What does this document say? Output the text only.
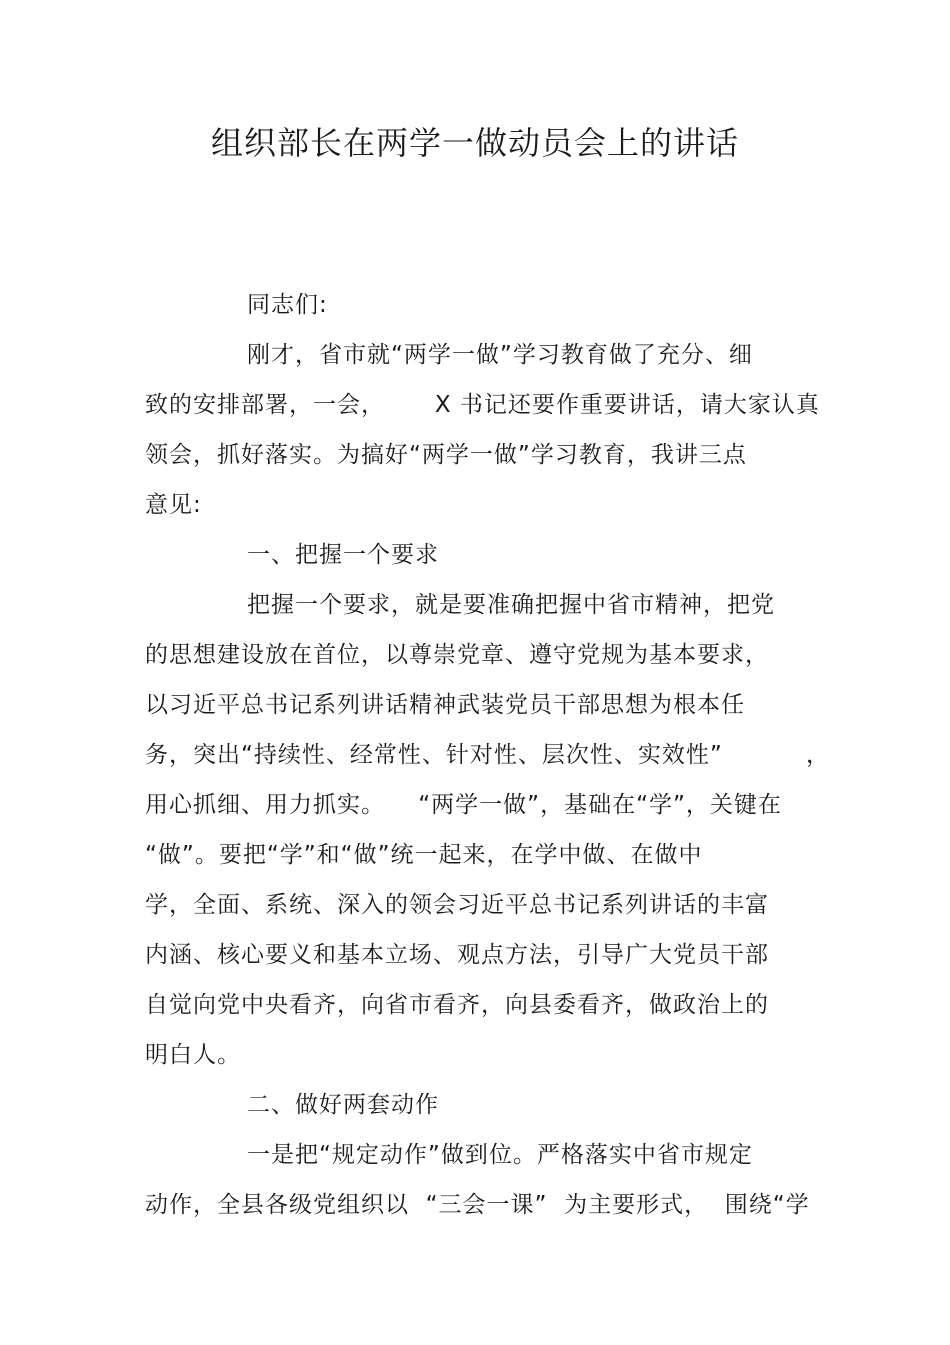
组织部长在两学一做动员会上的讲话
同志们:
刚才，省市就“两学一做”学习教育做了充分、细
致的安排部署，一会，      X 书记还要作重要讲话，请大家认真
领会，抓好落实。为搞好“两学一做”学习教育，我讲三点
意见:
一、把握一个要求
把握一个要求，就是要准确把握中省市精神，把党
的思想建设放在首位，以尊崇党章、遵守党规为基本要求，
以习近平总书记系列讲话精神武装党员干部思想为根本任
务，突出“持续性、经常性、针对性、层次性、实效性”          ，
用心抓细、用力抓实。    “两学一做”，基础在“学”，关键在
“做”。要把“学”和“做”统一起来，在学中做、在做中
学，全面、系统、深入的领会习近平总书记系列讲话的丰富
内涵、核心要义和基本立场、观点方法，引导广大党员干部
自觉向党中央看齐，向省市看齐，向县委看齐，做政治上的
明白人。
二、做好两套动作
一是把“规定动作”做到位。严格落实中省市规定
动作，全县各级党组织以  “三会一课”  为主要形式，  围绕“学
